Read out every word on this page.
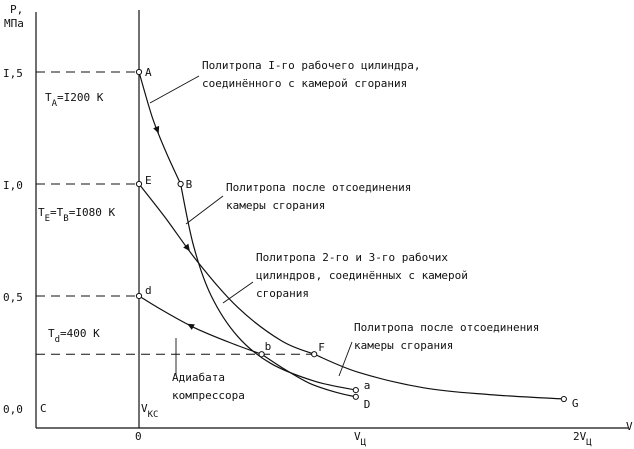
P,
МПа
V
C
I,5
I,0
0,5
0,0
0	$V_Ц$	$2V_Ц$
A
E	B
d
b	F
a
D	G
$V_{КС}$
$T_A=I200$ К
$T_E=T_B=I080$ К
$T_d=400$ К
Политропа I-го рабочего цилиндра, соединённого с камерой сгорания
Политропа после отсоединения камеры сгорания
Политропа 2-го и 3-го рабочих цилиндров, соединённых с камерой сгорания
Политропа после отсоединения камеры сгорания
Адиабата компрессора
